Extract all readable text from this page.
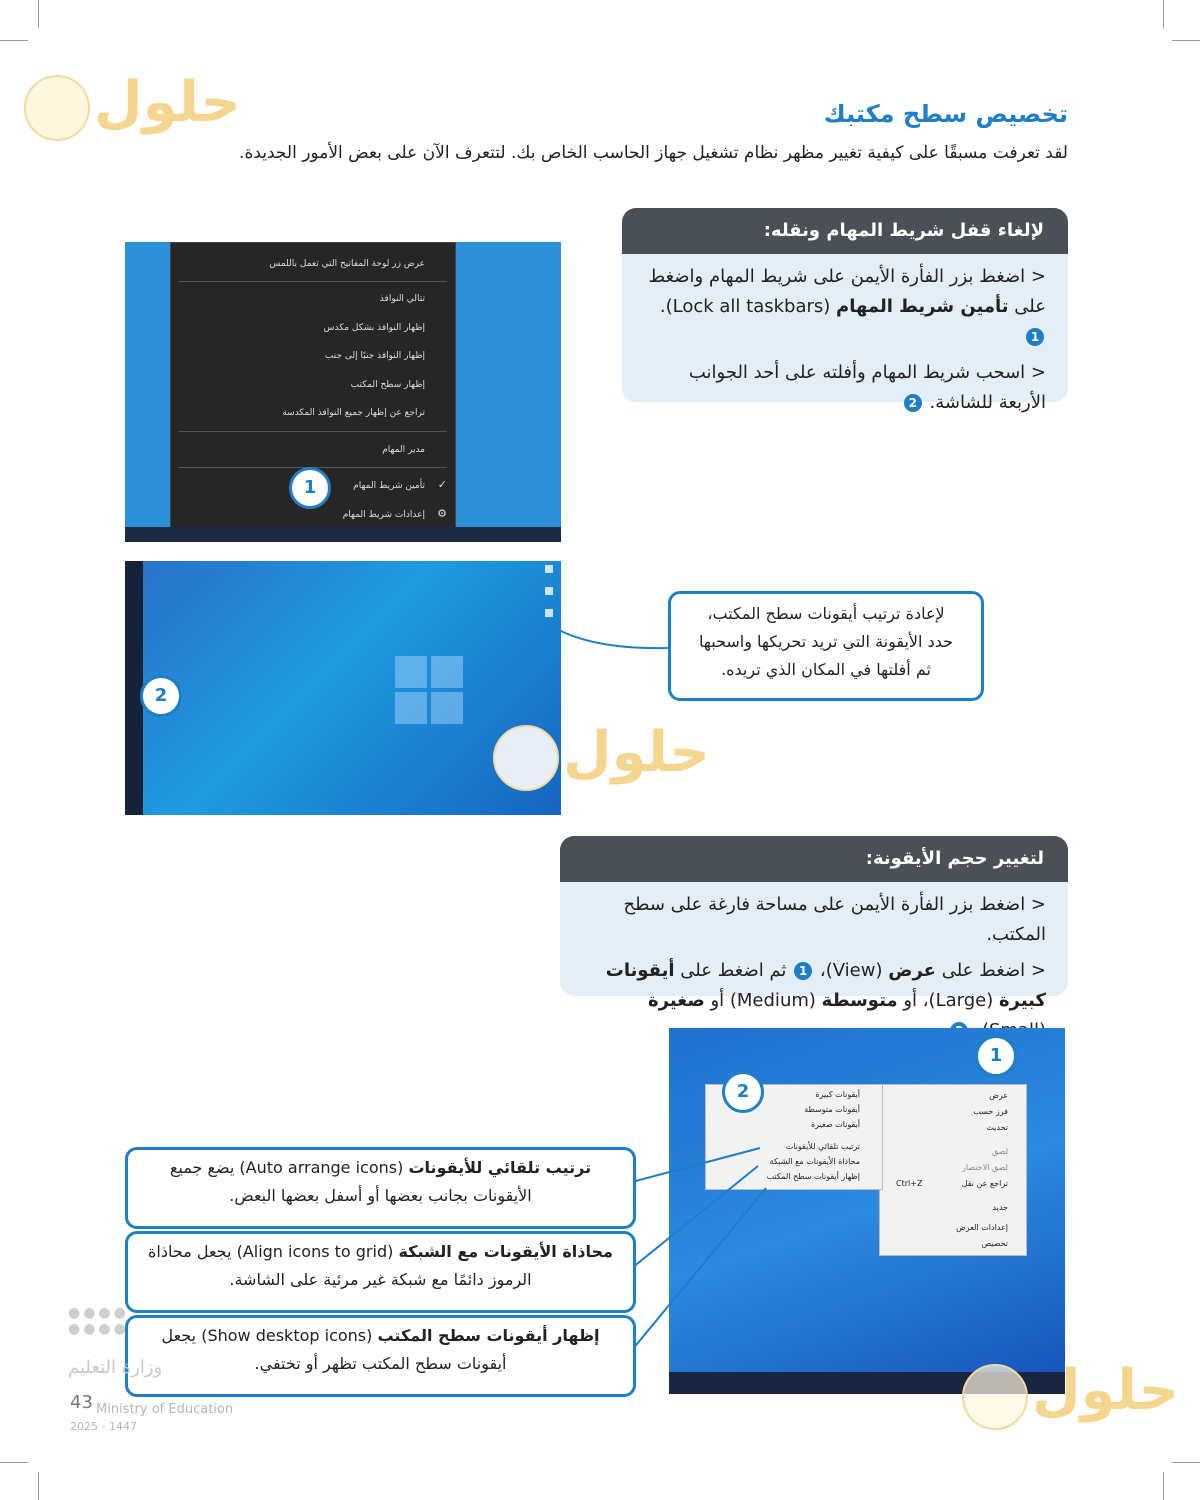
حلول	تخصيص سطح مكتبك
لقد تعرفت مسبقًا على كيفية تغيير مظهر نظام تشغيل جهاز الحاسب الخاص بك. لتتعرف الآن على بعض الأمور الجديدة.
لإلغاء قفل شريط المهام ونقله:

< اضغط بزر الفأرة الأيمن على شريط المهام واضغط على تأمين شريط المهام (Lock all taskbars). 1

< اسحب شريط المهام وأفلته على أحد الجوانب الأربعة للشاشة. 2

عرض زر لوحة المفاتيح التي تعمل باللمس
تتالي النوافذ
إظهار النوافذ بشكل مكدس
إظهار النوافذ جنبًا إلى جنب
إظهار سطح المكتب
تراجع عن إظهار جميع النوافذ المكدسة
مدير المهام
تأمين شريط المهام ✓
إعدادات شريط المهام ⚙
1
2
لإعادة ترتيب أيقونات سطح المكتب،
حدد الأيقونة التي تريد تحريكها واسحبها
ثم أفلتها في المكان الذي تريده.
حلول
لتغيير حجم الأيقونة:

< اضغط بزر الفأرة الأيمن على مساحة فارغة على سطح المكتب.

< اضغط على عرض (View)، 1 ثم اضغط على أيقونات كبيرة (Large)، أو متوسطة (Medium) أو صغيرة

عرض
فرز حسب
تحديث
لصق
لصق الاختصار
تراجع عن نقل
Ctrl+Z
جديد
إعدادات العرض
تخصيص
أيقونات كبيرة
أيقونات متوسطة
أيقونات صغيرة
ترتيب تلقائي للأيقونات
محاذاة الأيقونات مع الشبكة
إظهار أيقونات سطح المكتب
1
2
ترتيب تلقائي للأيقونات (Auto arrange icons) يضع جميع
الأيقونات بجانب بعضها أو أسفل بعضها البعض.
محاذاة الأيقونات مع الشبكة (Align icons to grid) يجعل محاذاة
الرموز دائمًا مع شبكة غير مرئية على الشاشة.
إظهار أيقونات سطح المكتب (Show desktop icons) يجعل
أيقونات سطح المكتب تظهر أو تختفي.	حلول
●●●●
●●●●
وزارة التعليم
43 Ministry of Education
2025 - 1447
